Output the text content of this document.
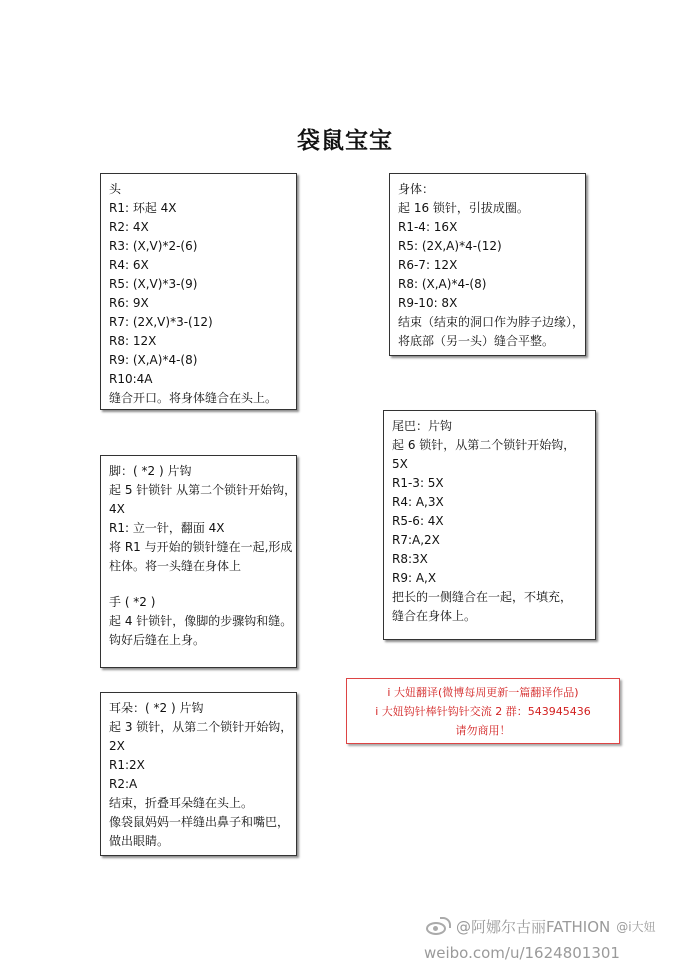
袋鼠宝宝
头
R1: 环起 4X
R2: 4X
R3: (X,V)*2-(6)
R4: 6X
R5: (X,V)*3-(9)
R6: 9X
R7: (2X,V)*3-(12)
R8: 12X
R9: (X,A)*4-(8)
R10:4A
缝合开口。将身体缝合在头上。
身体：
起 16 锁针，引拔成圈。
R1-4: 16X
R5: (2X,A)*4-(12)
R6-7: 12X
R8: (X,A)*4-(8)
R9-10: 8X
结束（结束的洞口作为脖子边缘），
将底部（另一头）缝合平整。
脚：( *2 ) 片钩
起 5 针锁针 从第二个锁针开始钩，
4X
R1: 立一针，翻面 4X
将 R1 与开始的锁针缝在一起,形成
柱体。将一头缝在身体上
手 ( *2 )
起 4 针锁针，像脚的步骤钩和缝。
钩好后缝在上身。
尾巴：片钩
起 6 锁针，从第二个锁针开始钩，
5X
R1-3: 5X
R4: A,3X
R5-6: 4X
R7:A,2X
R8:3X
R9: A,X
把长的一侧缝合在一起，不填充，
缝合在身体上。
耳朵：( *2 ) 片钩
起 3 锁针，从第二个锁针开始钩，
2X
R1:2X
R2:A
结束，折叠耳朵缝在头上。
像袋鼠妈妈一样缝出鼻子和嘴巴，
做出眼睛。
i 大妞翻译(微博每周更新一篇翻译作品)
i 大妞钩针棒针钩针交流 2 群：543945436
请勿商用！
@阿娜尔古丽FATHION @i大妞
weibo.com/u/1624801301
